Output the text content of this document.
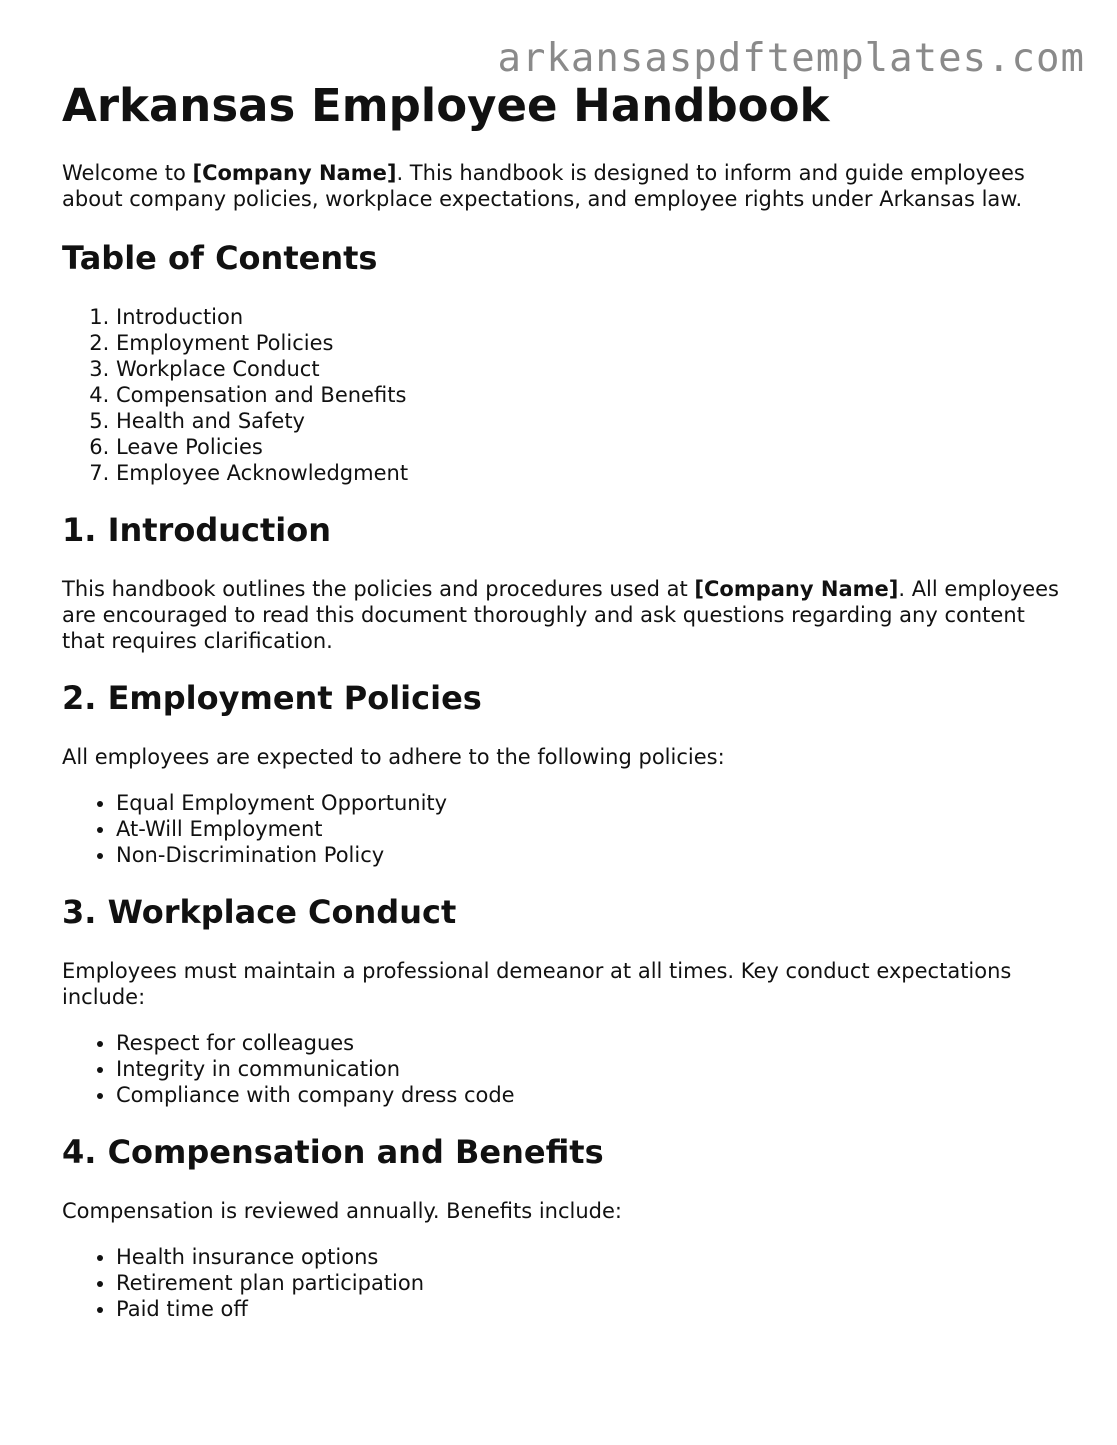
arkansaspdftemplates.com
Arkansas Employee Handbook

Welcome to [Company Name]. This handbook is designed to inform and guide employees about company policies, workplace expectations, and employee rights under Arkansas law.

Table of Contents
1. Introduction
2. Employment Policies
3. Workplace Conduct
4. Compensation and Benefits
5. Health and Safety
6. Leave Policies
7. Employee Acknowledgment
1. Introduction

This handbook outlines the policies and procedures used at [Company Name]. All employees are encouraged to read this document thoroughly and ask questions regarding any content that requires clarification.

2. Employment Policies

All employees are expected to adhere to the following policies:

• Equal Employment Opportunity
• At-Will Employment
• Non-Discrimination Policy
3. Workplace Conduct

Employees must maintain a professional demeanor at all times. Key conduct expectations include:

• Respect for colleagues
• Integrity in communication
• Compliance with company dress code
4. Compensation and Benefits

Compensation is reviewed annually. Benefits include:

• Health insurance options
• Retirement plan participation
• Paid time off
